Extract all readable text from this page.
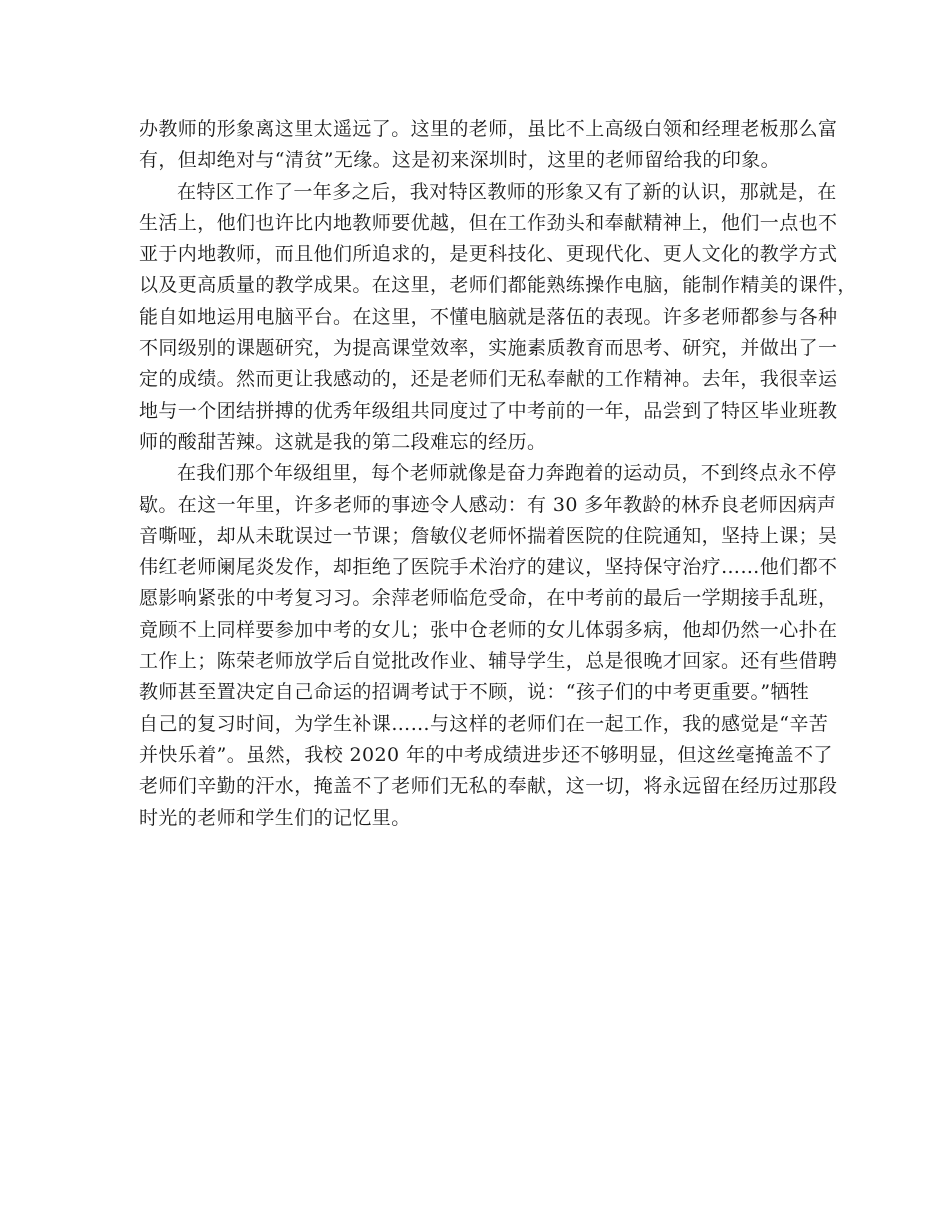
办教师的形象离这里太遥远了。这里的老师，虽比不上高级白领和经理老板那么富
有，但却绝对与“清贫”无缘。这是初来深圳时，这里的老师留给我的印象。
在特区工作了一年多之后，我对特区教师的形象又有了新的认识，那就是，在
生活上，他们也许比内地教师要优越，但在工作劲头和奉献精神上，他们一点也不
亚于内地教师，而且他们所追求的，是更科技化、更现代化、更人文化的教学方式
以及更高质量的教学成果。在这里，老师们都能熟练操作电脑，能制作精美的课件，
能自如地运用电脑平台。在这里，不懂电脑就是落伍的表现。许多老师都参与各种
不同级别的课题研究，为提高课堂效率，实施素质教育而思考、研究，并做出了一
定的成绩。然而更让我感动的，还是老师们无私奉献的工作精神。去年，我很幸运
地与一个团结拼搏的优秀年级组共同度过了中考前的一年，品尝到了特区毕业班教
师的酸甜苦辣。这就是我的第二段难忘的经历。
在我们那个年级组里，每个老师就像是奋力奔跑着的运动员，不到终点永不停
歇。在这一年里，许多老师的事迹令人感动：有 30 多年教龄的林乔良老师因病声
音嘶哑，却从未耽误过一节课；詹敏仪老师怀揣着医院的住院通知，坚持上课；吴
伟红老师阑尾炎发作，却拒绝了医院手术治疗的建议，坚持保守治疗……他们都不
愿影响紧张的中考复习习。余萍老师临危受命，在中考前的最后一学期接手乱班，
竟顾不上同样要参加中考的女儿；张中仓老师的女儿体弱多病，他却仍然一心扑在
工作上；陈荣老师放学后自觉批改作业、辅导学生，总是很晚才回家。还有些借聘
教师甚至置决定自己命运的招调考试于不顾，说：“孩子们的中考更重要。”牺牲
自己的复习时间，为学生补课……与这样的老师们在一起工作，我的感觉是“辛苦
并快乐着”。虽然，我校 2020 年的中考成绩进步还不够明显，但这丝毫掩盖不了
老师们辛勤的汗水，掩盖不了老师们无私的奉献，这一切，将永远留在经历过那段
时光的老师和学生们的记忆里。
